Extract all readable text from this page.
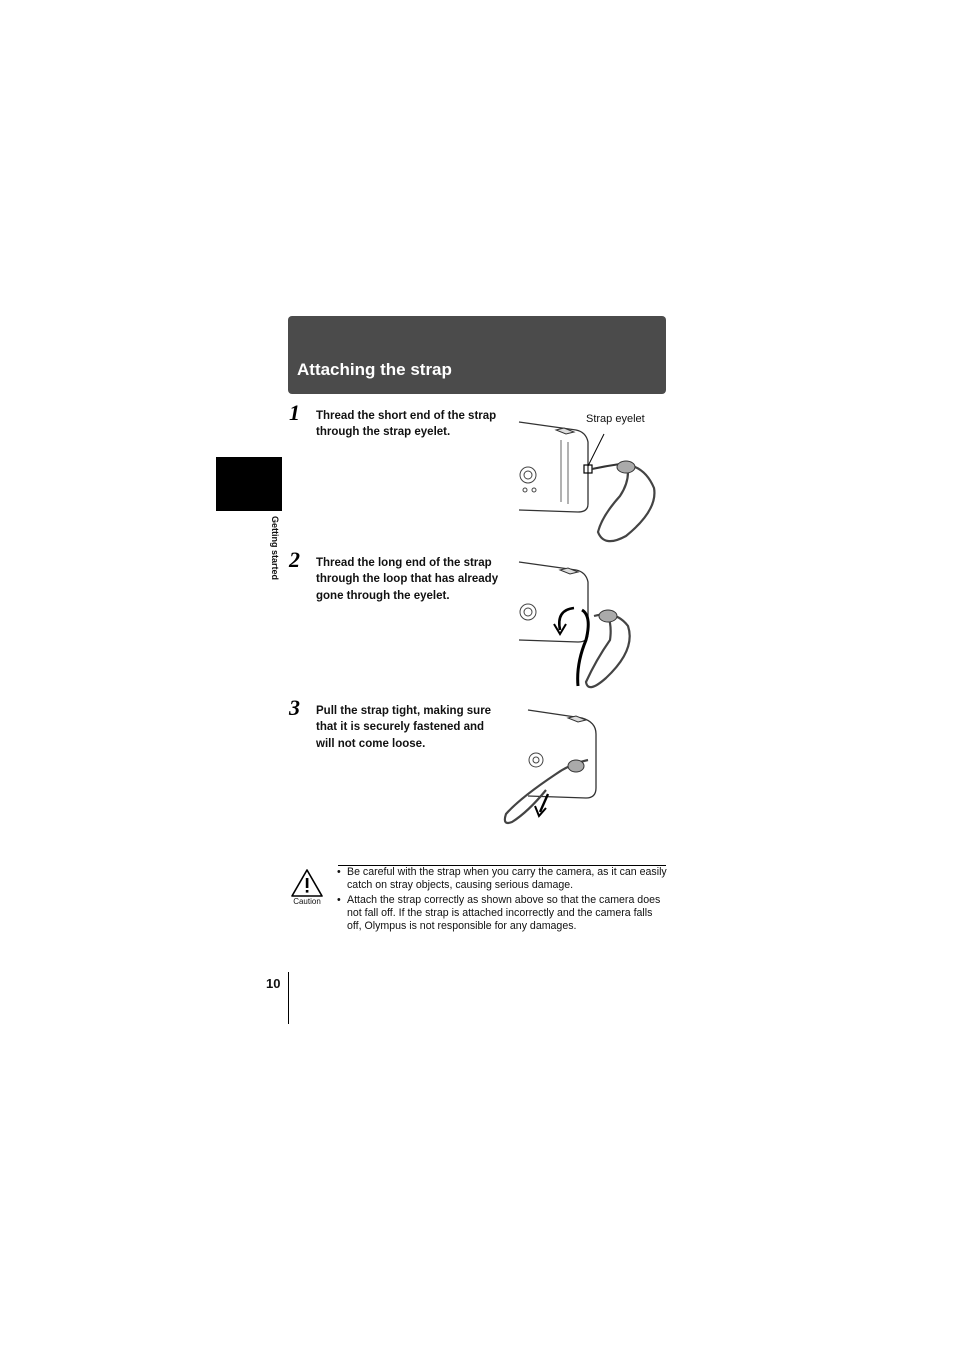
Attaching the strap
Getting started
1 Thread the short end of the strap through the strap eyelet.
2 Thread the long end of the strap through the loop that has already gone through the eyelet.
3 Pull the strap tight, making sure that it is securely fastened and will not come loose.
Strap eyelet
Caution
• Be careful with the strap when you carry the camera, as it can easily catch on stray objects, causing serious damage.
• Attach the strap correctly as shown above so that the camera does not fall off. If the strap is attached incorrectly and the camera falls off, Olympus is not responsible for any damages.
10
